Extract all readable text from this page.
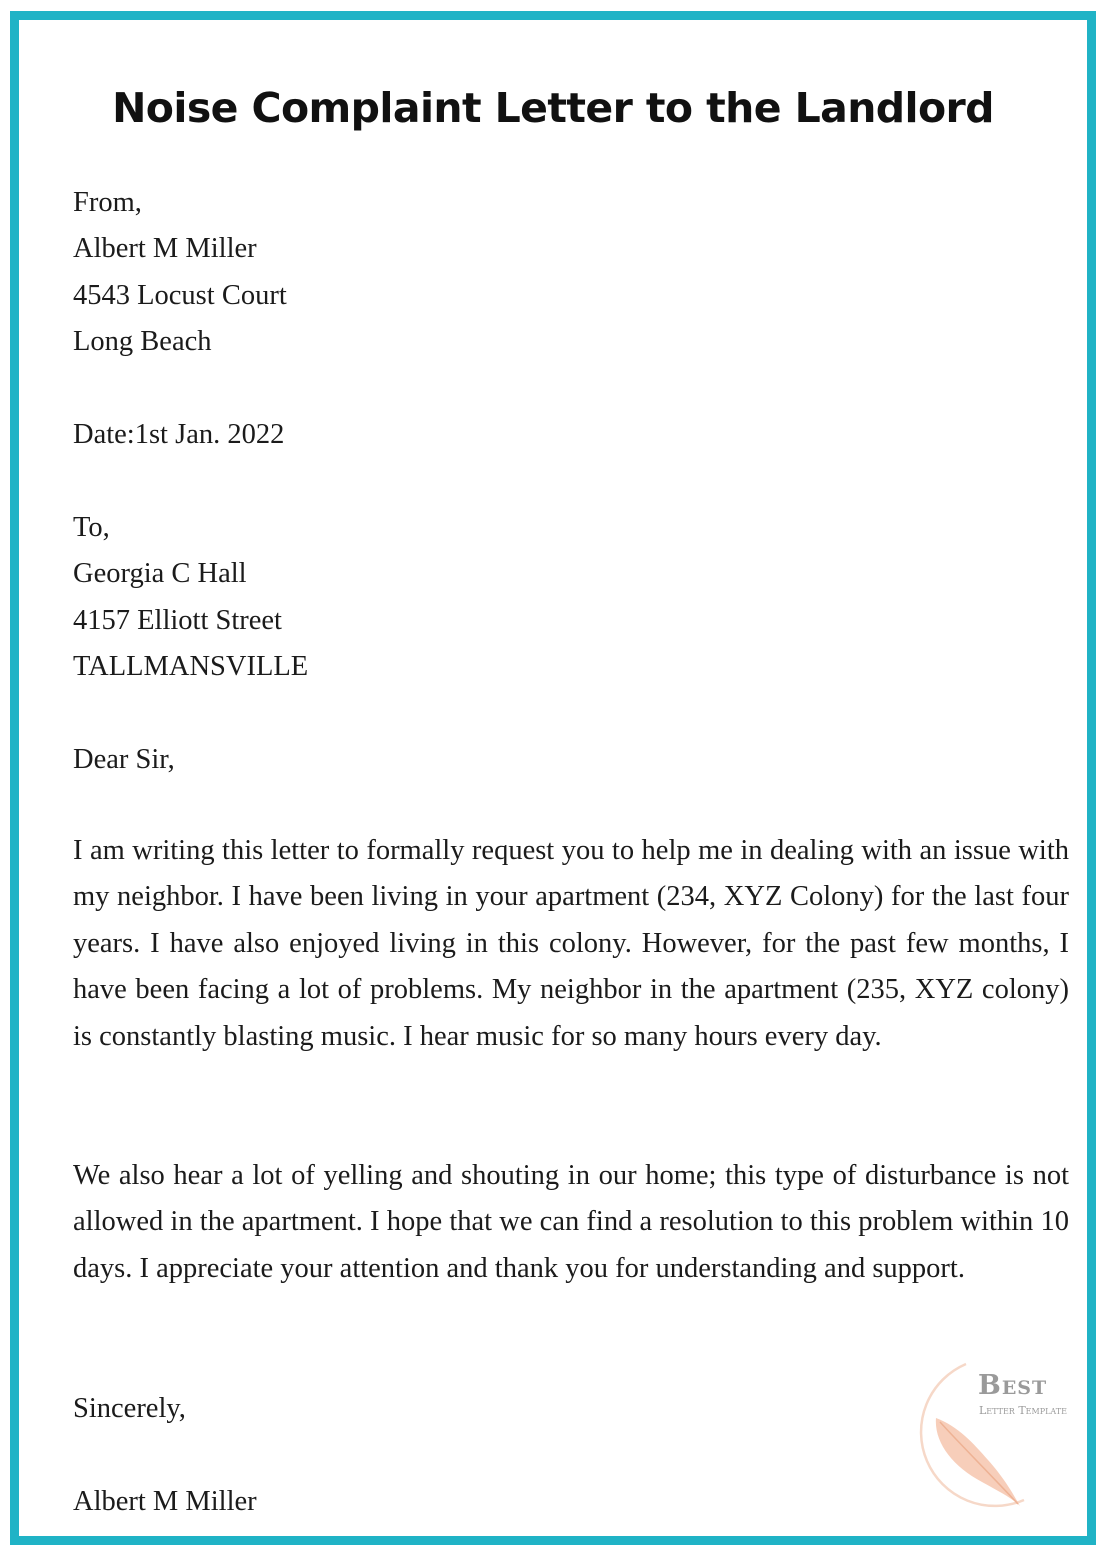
Noise Complaint Letter to the Landlord

From,

Albert M Miller

4543 Locust Court

Long Beach

Date:1st Jan. 2022

To,

Georgia C Hall

4157 Elliott Street

TALLMANSVILLE

Dear Sir,

I am writing this letter to formally request you to help me in dealing with an issue with my neighbor. I have been living in your apartment (234, XYZ Colony) for the last four years. I have also enjoyed living in this colony. However, for the past few months, I have been facing a lot of problems. My neighbor in the apartment (235, XYZ colony) is constantly blasting music. I hear music for so many hours every day.

We also hear a lot of yelling and shouting in our home; this type of disturbance is not allowed in the apartment. I hope that we can find a resolution to this problem within 10 days. I appreciate your attention and thank you for understanding and support.

Sincerely,

Albert M Miller

Best
Letter Template
